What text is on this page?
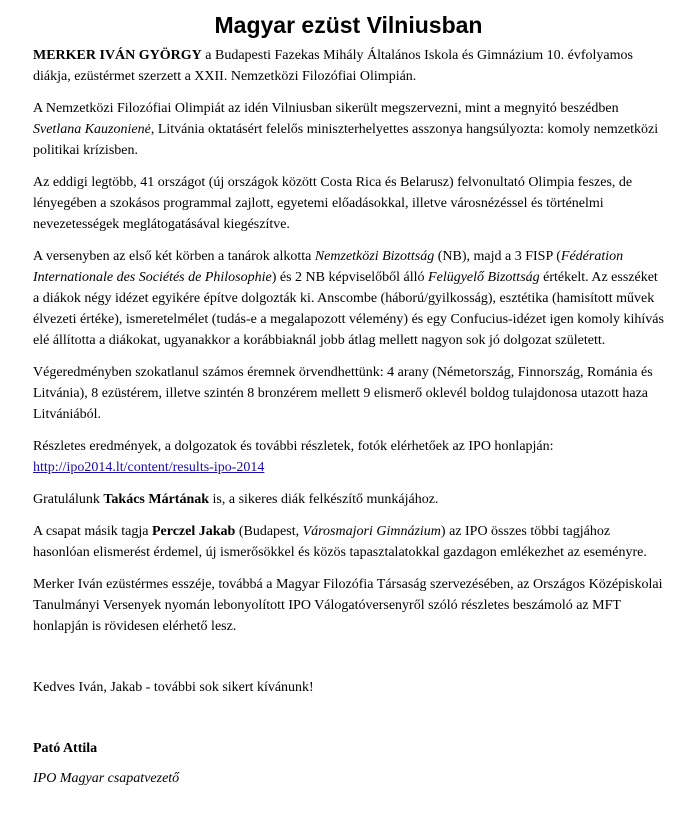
Magyar ezüst Vilniusban

MERKER IVÁN GYÖRGY a Budapesti Fazekas Mihály Általános Iskola és Gimnázium 10. évfolyamos diákja, ezüstérmet szerzett a XXII. Nemzetközi Filozófiai Olimpián.

A Nemzetközi Filozófiai Olimpiát az idén Vilniusban sikerült megszervezni, mint a megnyitó beszédben Svetlana Kauzonienė, Litvánia oktatásért felelős miniszterhelyettes asszonya hangsúlyozta: komoly nemzetközi politikai krízisben.

Az eddigi legtöbb, 41 országot (új országok között Costa Rica és Belarusz) felvonultató Olimpia feszes, de lényegében a szokásos programmal zajlott, egyetemi előadásokkal, illetve városnézéssel és történelmi nevezetességek meglátogatásával kiegészítve.

A versenyben az első két körben a tanárok alkotta Nemzetközi Bizottság (NB), majd a 3 FISP (Fédération Internationale des Sociétés de Philosophie) és 2 NB képviselőből álló Felügyelő Bizottság értékelt. Az esszéket a diákok négy idézet egyikére építve dolgozták ki. Anscombe (háború/gyilkosság), esztétika (hamisított művek élvezeti értéke), ismeretelmélet (tudás-e a megalapozott vélemény) és egy Confucius-idézet igen komoly kihívás elé állította a diákokat, ugyanakkor a korábbiaknál jobb átlag mellett nagyon sok jó dolgozat született.

Végeredményben szokatlanul számos éremnek örvendhettünk: 4 arany (Németország, Finnország, Románia és Litvánia), 8 ezüstérem, illetve szintén 8 bronzérem mellett 9 elismerő oklevél boldog tulajdonosa utazott haza Litvániából.

Részletes eredmények, a dolgozatok és további részletek, fotók elérhetőek az IPO honlapján: http://ipo2014.lt/content/results-ipo-2014

Gratulálunk Takács Mártának is, a sikeres diák felkészítő munkájához.

A csapat másik tagja Perczel Jakab (Budapest, Városmajori Gimnázium) az IPO összes többi tagjához hasonlóan elismerést érdemel, új ismerősökkel és közös tapasztalatokkal gazdagon emlékezhet az eseményre.

Merker Iván ezüstérmes esszéje, továbbá a Magyar Filozófia Társaság szervezésében, az Országos Középiskolai Tanulmányi Versenyek nyomán lebonyolított IPO Válogatóversenyről szóló részletes beszámoló az MFT honlapján is rövidesen elérhető lesz.

Kedves Iván, Jakab - további sok sikert kívánunk!

Pató Attila

IPO Magyar csapatvezető
